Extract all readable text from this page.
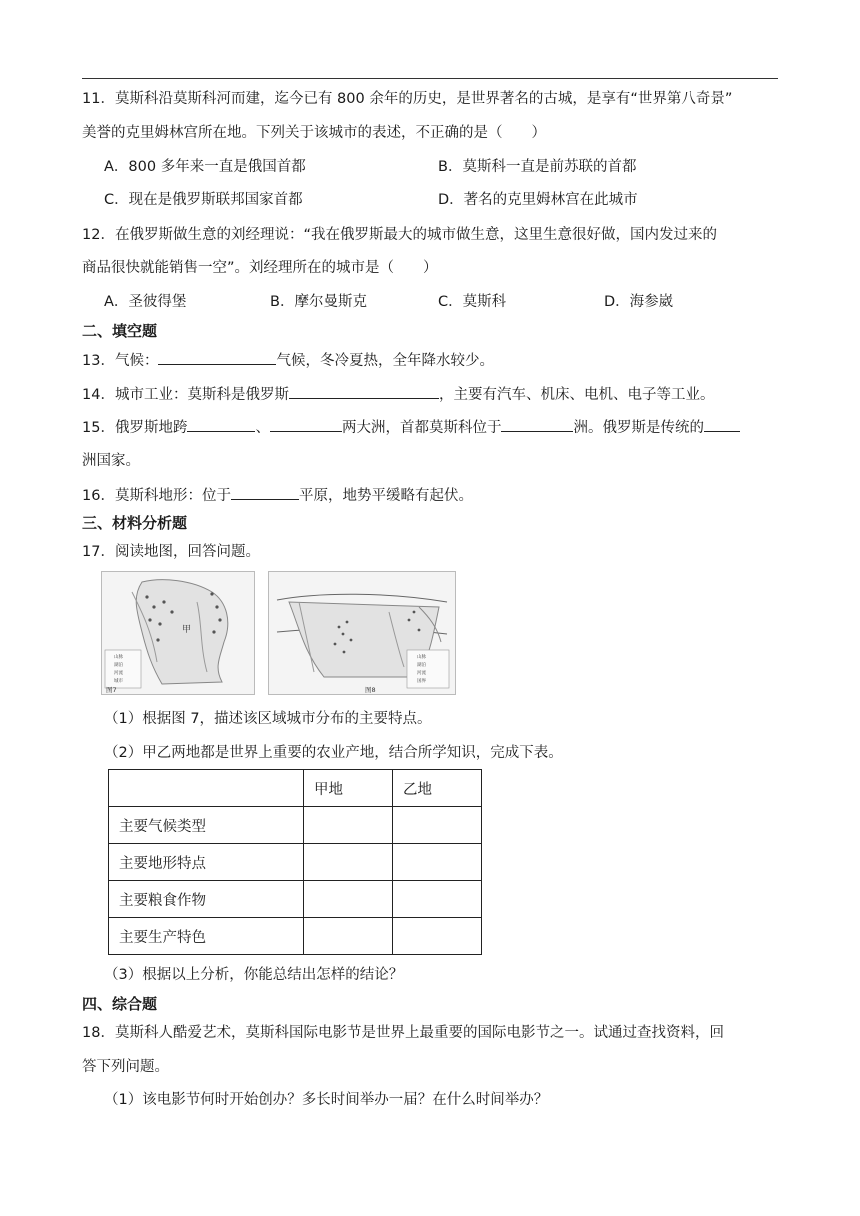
11．莫斯科沿莫斯科河而建，迄今已有 800 余年的历史，是世界著名的古城，是享有“世界第八奇景”
美誉的克里姆林宫所在地。下列关于该城市的表述，不正确的是（　　）
A．800 多年来一直是俄国首都	B．莫斯科一直是前苏联的首都
C．现在是俄罗斯联邦国家首都	D．著名的克里姆林宫在此城市
12．在俄罗斯做生意的刘经理说：“我在俄罗斯最大的城市做生意，这里生意很好做，国内发过来的
商品很快就能销售一空”。刘经理所在的城市是（　　）
A．圣彼得堡	B．摩尔曼斯克	C．莫斯科	D．海参崴
二、填空题
13．气候：	气候，冬冷夏热，全年降水较少。
14．城市工业：莫斯科是俄罗斯	，主要有汽车、机床、电机、电子等工业。
15．俄罗斯地跨	、	两大洲，首都莫斯科位于	洲。俄罗斯是传统的
洲国家。
16．莫斯科地形：位于	平原，地势平缓略有起伏。
三、材料分析题
17．阅读地图，回答问题。
甲
山脉
湖泊
河流
城市
图7
山脉
湖泊
河流
国界
图8
（1）根据图 7，描述该区域城市分布的主要特点。
（2）甲乙两地都是世界上重要的农业产地，结合所学知识，完成下表。
	甲地	乙地
主要气候类型		
主要地形特点		
主要粮食作物		
主要生产特色		
（3）根据以上分析，你能总结出怎样的结论？
四、综合题
18．莫斯科人酷爱艺术，莫斯科国际电影节是世界上最重要的国际电影节之一。试通过查找资料，回
答下列问题。
（1）该电影节何时开始创办？多长时间举办一届？在什么时间举办？
